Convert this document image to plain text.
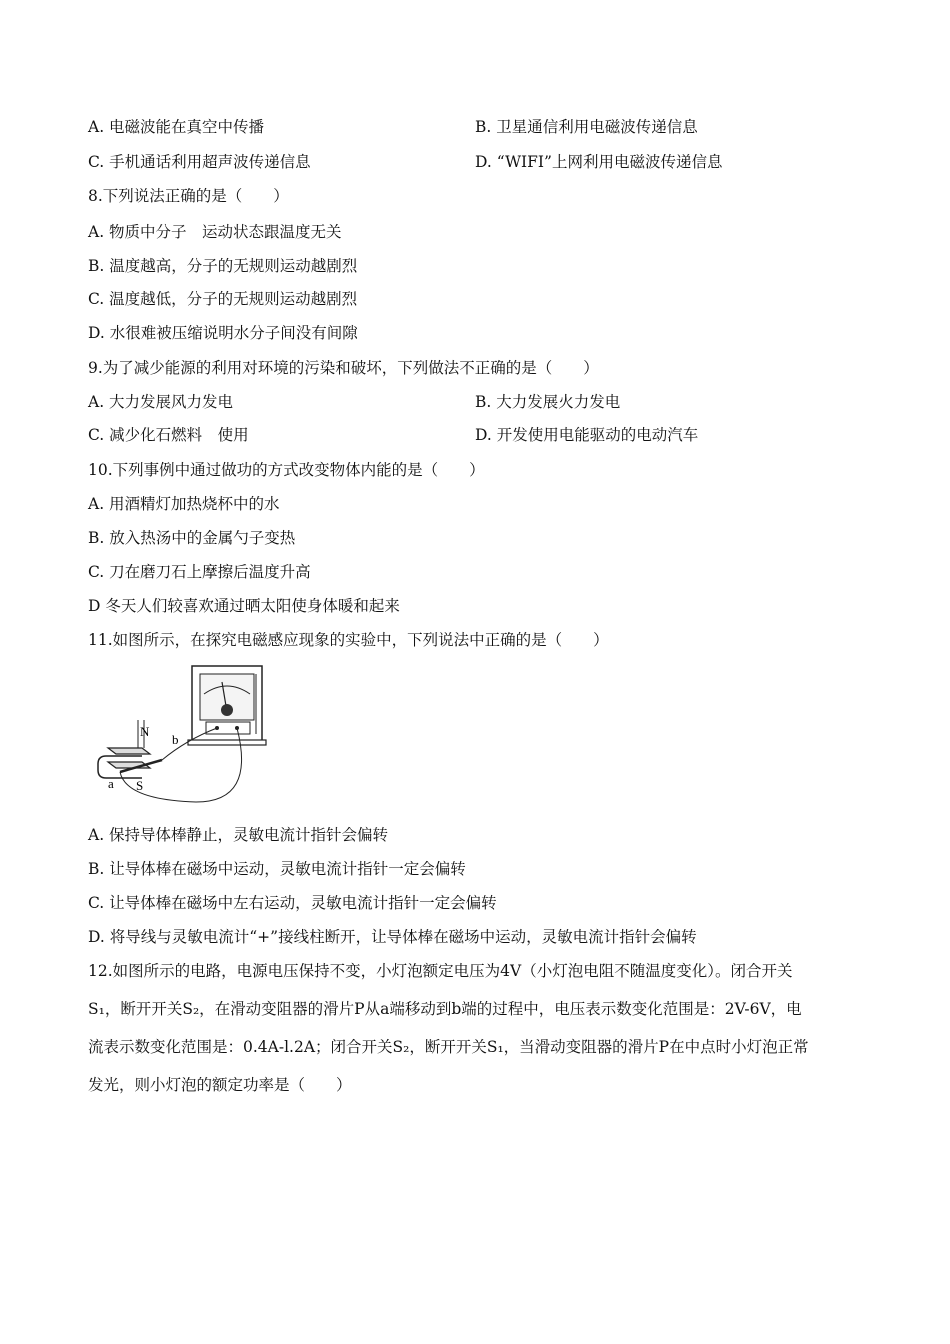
A. 电磁波能在真空中传播	B. 卫星通信利用电磁波传递信息
C. 手机通话利用超声波传递信息	D. “WIFI”上网利用电磁波传递信息
8.下列说法正确的是（　　）
A. 物质中分子　运动状态跟温度无关
B. 温度越高，分子的无规则运动越剧烈
C. 温度越低，分子的无规则运动越剧烈
D. 水很难被压缩说明水分子间没有间隙
9.为了减少能源的利用对环境的污染和破坏，下列做法不正确的是（　　）
A. 大力发展风力发电	B. 大力发展火力发电
C. 减少化石燃料　使用	D. 开发使用电能驱动的电动汽车
10.下列事例中通过做功的方式改变物体内能的是（　　）
A. 用酒精灯加热烧杯中的水
B. 放入热汤中的金属勺子变热
C. 刀在磨刀石上摩擦后温度升高
D 冬天人们较喜欢通过晒太阳使身体暖和起来
11.如图所示，在探究电磁感应现象的实验中，下列说法中正确的是（　　）
N
S
a
b
A. 保持导体棒静止，灵敏电流计指针会偏转
B. 让导体棒在磁场中运动，灵敏电流计指针一定会偏转
C. 让导体棒在磁场中左右运动，灵敏电流计指针一定会偏转
D. 将导线与灵敏电流计“+”接线柱断开，让导体棒在磁场中运动，灵敏电流计指针会偏转
12.如图所示的电路，电源电压保持不变，小灯泡额定电压为4V（小灯泡电阻不随温度变化）。闭合开关
S₁，断开开关S₂，在滑动变阻器的滑片P从a端移动到b端的过程中，电压表示数变化范围是：2V-6V，电
流表示数变化范围是：0.4A-l.2A；闭合开关S₂，断开开关S₁，当滑动变阻器的滑片P在中点时小灯泡正常
发光，则小灯泡的额定功率是（　　）
